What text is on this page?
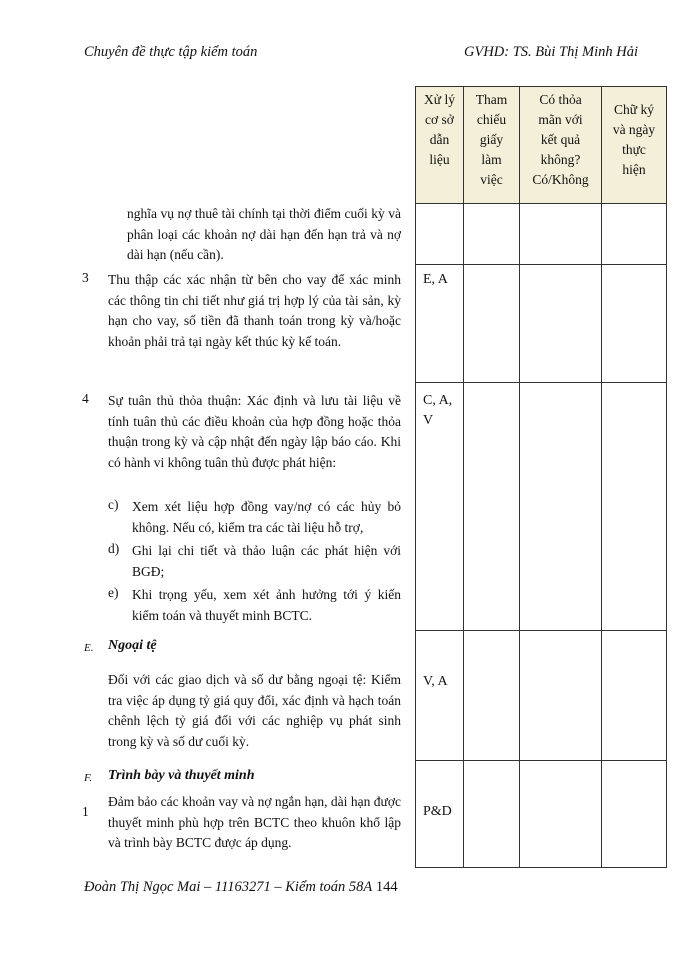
Chuyên đề thực tập kiểm toán	GVHD: TS. Bùi Thị Minh Hải
Xử lý
cơ sở
dẫn
liệu
Tham
chiếu
giấy
làm
việc
Có thỏa
mãn với
kết quả
không?
Có/Không
Chữ ký
và ngày
thực
hiện
E, A
C, A,
V
V, A
P&D
nghĩa vụ nợ thuê tài chính tại thời điểm cuối kỳ và phân loại các khoản nợ dài hạn đến hạn trả và nợ dài hạn (nếu cần).
3 Thu thập các xác nhận từ bên cho vay để xác minh các thông tin chi tiết như giá trị hợp lý của tài sản, kỳ hạn cho vay, số tiền đã thanh toán trong kỳ và/hoặc khoản phải trả tại ngày kết thúc kỳ kế toán.
4 Sự tuân thủ thỏa thuận: Xác định và lưu tài liệu về tính tuân thủ các điều khoản của hợp đồng hoặc thỏa thuận trong kỳ và cập nhật đến ngày lập báo cáo. Khi có hành vi không tuân thủ được phát hiện:
c) Xem xét liệu hợp đồng vay/nợ có các hủy bỏ không. Nếu có, kiểm tra các tài liệu hỗ trợ,
d) Ghi lại chi tiết và thảo luận các phát hiện với BGĐ;
e) Khi trọng yếu, xem xét ảnh hưởng tới ý kiến kiểm toán và thuyết minh BCTC.
E. Ngoại tệ
Đối với các giao dịch và số dư bằng ngoại tệ: Kiểm tra việc áp dụng tỷ giá quy đổi, xác định và hạch toán chênh lệch tỷ giá đối với các nghiệp vụ phát sinh trong kỳ và số dư cuối kỳ.
F. Trình bày và thuyết minh
1
Đảm bảo các khoản vay và nợ ngắn hạn, dài hạn được thuyết minh phù hợp trên BCTC theo khuôn khổ lập và trình bày BCTC được áp dụng.
Đoàn Thị Ngọc Mai – 11163271 – Kiểm toán 58A 144
